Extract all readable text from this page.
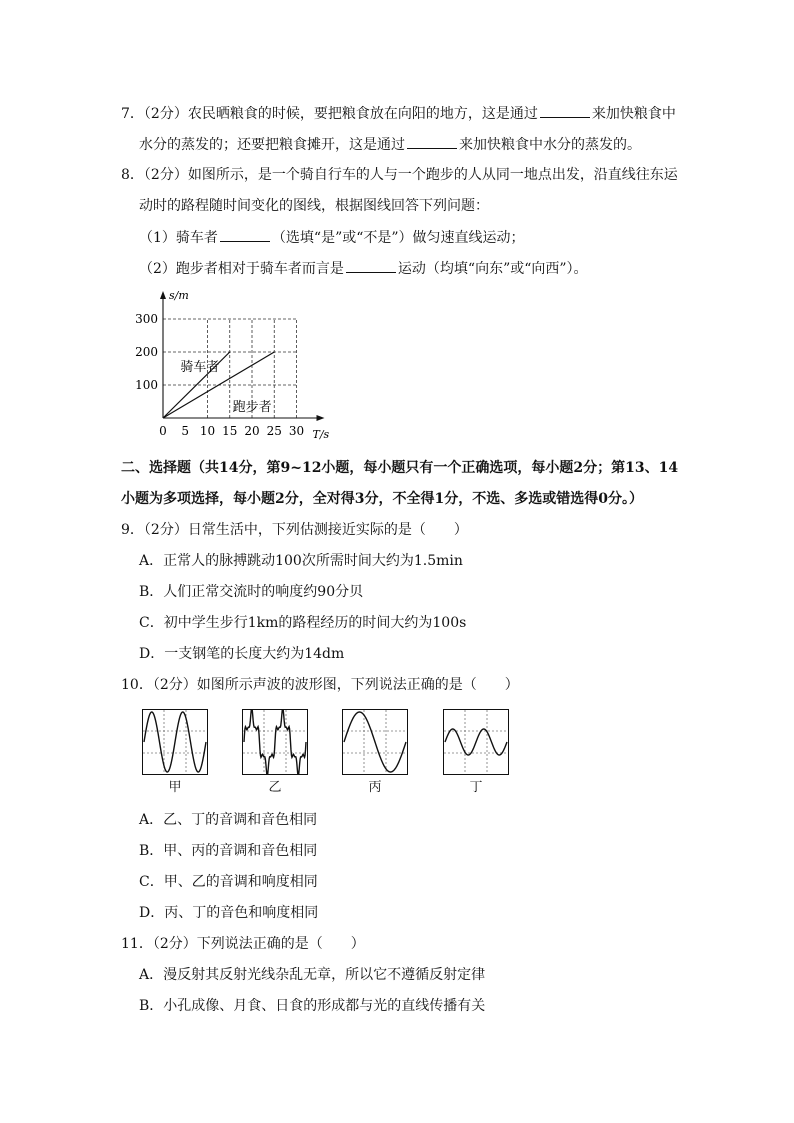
7．（2分）农民晒粮食的时候，要把粮食放在向阳的地方，这是通过	来加快粮食中
水分的蒸发的；还要把粮食摊开，这是通过	来加快粮食中水分的蒸发的。
8．（2分）如图所示，是一个骑自行车的人与一个跑步的人从同一地点出发，沿直线往东运
动时的路程随时间变化的图线，根据图线回答下列问题：
（1）骑车者	（选填“是”或“不是”）做匀速直线运动；
（2）跑步者相对于骑车者而言是	运动（均填“向东”或“向西”）。
0 5 10 15 20 25 30
100
200
300
T/s
s/m
骑车者
跑步者
二、选择题（共14分，第9~12小题，每小题只有一个正确选项，每小题2分；第13、14
小题为多项选择，每小题2分，全对得3分，不全得1分，不选、多选或错选得0分。）
9．（2分）日常生活中，下列估测接近实际的是（　　）
A．正常人的脉搏跳动100次所需时间大约为1.5min
B．人们正常交流时的响度约90分贝
C．初中学生步行1km的路程经历的时间大约为100s
D．一支钢笔的长度大约为14dm
10．（2分）如图所示声波的波形图，下列说法正确的是（　　）
甲	乙	丙	丁
A．乙、丁的音调和音色相同
B．甲、丙的音调和音色相同
C．甲、乙的音调和响度相同
D．丙、丁的音色和响度相同
11．（2分）下列说法正确的是（　　）
A．漫反射其反射光线杂乱无章，所以它不遵循反射定律
B．小孔成像、月食、日食的形成都与光的直线传播有关
